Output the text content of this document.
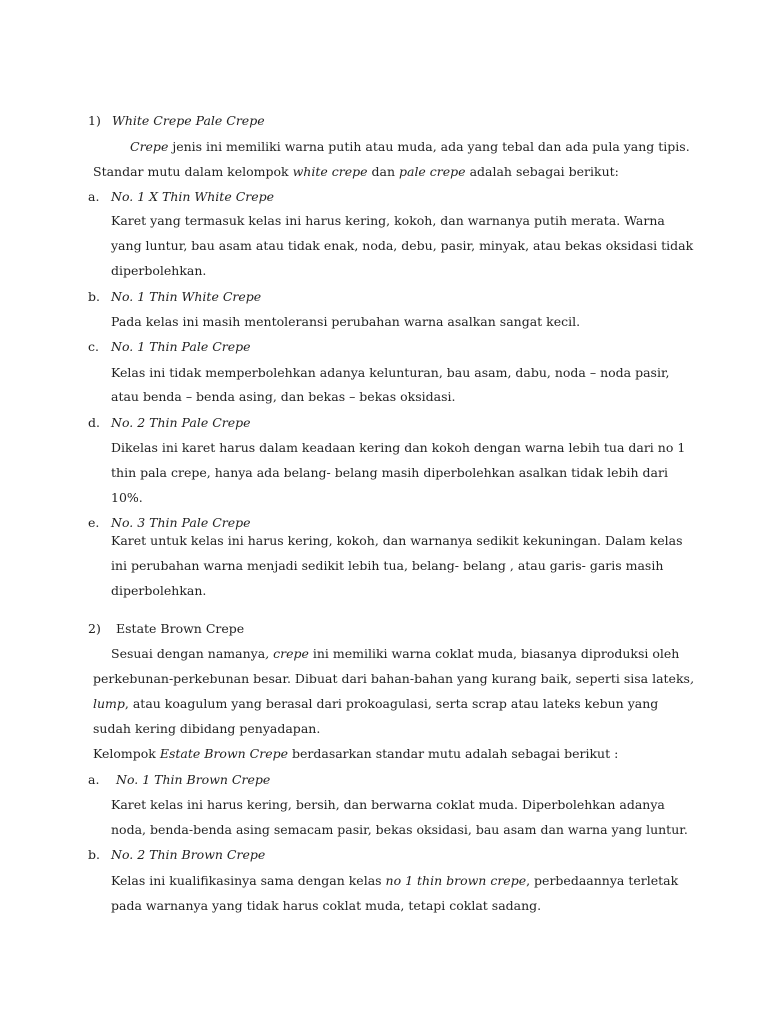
1) White Crepe Pale Crepe
Crepe jenis ini memiliki warna putih atau muda, ada yang tebal dan ada pula yang tipis.
Standar mutu dalam kelompok white crepe dan pale crepe adalah sebagai berikut:
a. No. 1 X Thin White Crepe
Karet yang termasuk kelas ini harus kering, kokoh, dan warnanya putih merata. Warna
yang luntur, bau asam atau tidak enak, noda, debu, pasir, minyak, atau bekas oksidasi tidak
diperbolehkan.
b. No. 1 Thin White Crepe
Pada kelas ini masih mentoleransi perubahan warna asalkan sangat kecil.
c. No. 1 Thin Pale Crepe
Kelas ini tidak memperbolehkan adanya kelunturan, bau asam, dabu, noda – noda pasir,
atau benda – benda asing, dan bekas – bekas oksidasi.
d. No. 2 Thin Pale Crepe
Dikelas ini karet harus dalam keadaan kering dan kokoh dengan warna lebih tua dari no 1
thin pala crepe, hanya ada belang- belang masih diperbolehkan asalkan tidak lebih dari
10%.
e. No. 3 Thin Pale Crepe
Karet untuk kelas ini harus kering, kokoh, dan warnanya sedikit kekuningan. Dalam kelas
ini perubahan warna menjadi sedikit lebih tua, belang- belang , atau garis- garis masih
diperbolehkan.
2) Estate Brown Crepe
Sesuai dengan namanya, crepe ini memiliki warna coklat muda, biasanya diproduksi oleh
perkebunan-perkebunan besar. Dibuat dari bahan-bahan yang kurang baik, seperti sisa lateks,
lump, atau koagulum yang berasal dari prokoagulasi, serta scrap atau lateks kebun yang
sudah kering dibidang penyadapan.
Kelompok Estate Brown Crepe berdasarkan standar mutu adalah sebagai berikut :
a. No. 1 Thin Brown Crepe
Karet kelas ini harus kering, bersih, dan berwarna coklat muda. Diperbolehkan adanya
noda, benda-benda asing semacam pasir, bekas oksidasi, bau asam dan warna yang luntur.
b. No. 2 Thin Brown Crepe
Kelas ini kualifikasinya sama dengan kelas no 1 thin brown crepe, perbedaannya terletak
pada warnanya yang tidak harus coklat muda, tetapi coklat sadang.
